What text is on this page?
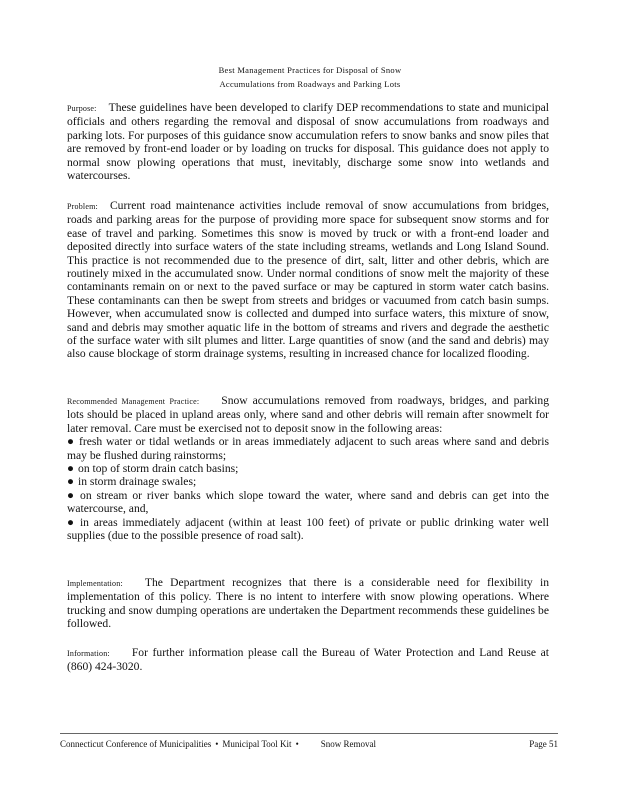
Best Management Practices for Disposal of Snow
Accumulations from Roadways and Parking Lots
Purpose: These guidelines have been developed to clarify DEP recommendations to state and municipal officials and others regarding the removal and disposal of snow accumulations from roadways and parking lots. For purposes of this guidance snow accumulation refers to snow banks and snow piles that are removed by front-end loader or by loading on trucks for disposal. This guidance does not apply to normal snow plowing operations that must, inevitably, discharge some snow into wetlands and watercourses.
Problem: Current road maintenance activities include removal of snow accumulations from bridges, roads and parking areas for the purpose of providing more space for subsequent snow storms and for ease of travel and parking. Sometimes this snow is moved by truck or with a front-end loader and deposited directly into surface waters of the state including streams, wetlands and Long Island Sound. This practice is not recommended due to the presence of dirt, salt, litter and other debris, which are routinely mixed in the accumulated snow. Under normal conditions of snow melt the majority of these contaminants remain on or next to the paved surface or may be captured in storm water catch basins. These contaminants can then be swept from streets and bridges or vacuumed from catch basin sumps. However, when accumulated snow is collected and dumped into surface waters, this mixture of snow, sand and debris may smother aquatic life in the bottom of streams and rivers and degrade the aesthetic of the surface water with silt plumes and litter. Large quantities of snow (and the sand and debris) may also cause blockage of storm drainage systems, resulting in increased chance for localized flooding.
Recommended Management Practice: Snow accumulations removed from roadways, bridges, and parking lots should be placed in upland areas only, where sand and other debris will remain after snowmelt for later removal. Care must be exercised not to deposit snow in the following areas:
● fresh water or tidal wetlands or in areas immediately adjacent to such areas where sand and debris may be flushed during rainstorms;
● on top of storm drain catch basins;
● in storm drainage swales;
● on stream or river banks which slope toward the water, where sand and debris can get into the watercourse, and,
● in areas immediately adjacent (within at least 100 feet) of private or public drinking water well supplies (due to the possible presence of road salt).
Implementation: The Department recognizes that there is a considerable need for flexibility in implementation of this policy. There is no intent to interfere with snow plowing operations. Where trucking and snow dumping operations are undertaken the Department recommends these guidelines be followed.
Information: For further information please call the Bureau of Water Protection and Land Reuse at (860) 424-3020.
Connecticut Conference of Municipalities • Municipal Tool Kit • Snow Removal	Page 51
